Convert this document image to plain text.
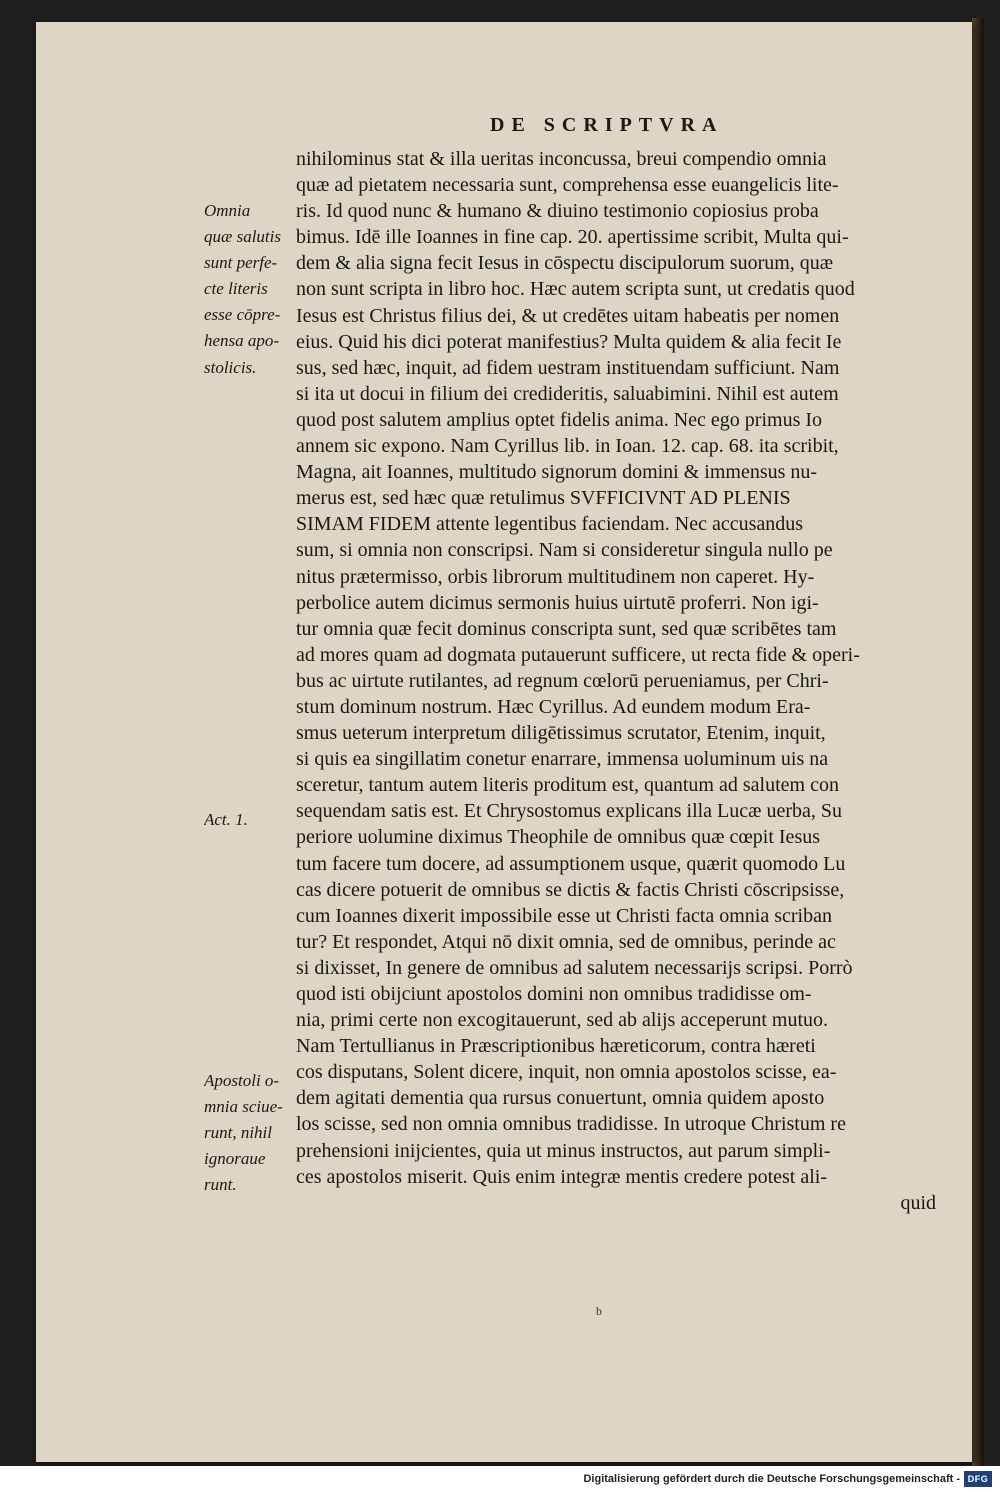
DE SCRIPTVRA
nihilominus stat & illa ueritas inconcussa, breui compendio omnia
quæ ad pietatem necessaria sunt, comprehensa esse euangelicis lite-
ris. Id quod nunc & humano & diuino testimonio copiosius proba
bimus. Idē ille Ioannes in fine cap. 20. apertissime scribit, Multa qui-
dem & alia signa fecit Iesus in cōspectu discipulorum suorum, quæ
non sunt scripta in libro hoc. Hæc autem scripta sunt, ut credatis quod
Iesus est Christus filius dei, & ut credētes uitam habeatis per nomen
eius. Quid his dici poterat manifestius? Multa quidem & alia fecit Ie
sus, sed hæc, inquit, ad fidem uestram instituendam sufficiunt. Nam
si ita ut docui in filium dei credideritis, saluabimini. Nihil est autem
quod post salutem amplius optet fidelis anima. Nec ego primus Io
annem sic expono. Nam Cyrillus lib. in Ioan. 12. cap. 68. ita scribit,
Magna, ait Ioannes, multitudo signorum domini & immensus nu-
merus est, sed hæc quæ retulimus SVFFICIVNT AD PLENIS
SIMAM FIDEM attente legentibus faciendam. Nec accusandus
sum, si omnia non conscripsi. Nam si consideretur singula nullo pe
nitus prætermisso, orbis librorum multitudinem non caperet. Hy-
perbolice autem dicimus sermonis huius uirtutē proferri. Non igi-
tur omnia quæ fecit dominus conscripta sunt, sed quæ scribētes tam
ad mores quam ad dogmata putauerunt sufficere, ut recta fide & operi-
bus ac uirtute rutilantes, ad regnum cœlorū perueniamus, per Chri-
stum dominum nostrum. Hæc Cyrillus. Ad eundem modum Era-
smus ueterum interpretum diligētissimus scrutator, Etenim, inquit,
si quis ea singillatim conetur enarrare, immensa uoluminum uis na
sceretur, tantum autem literis proditum est, quantum ad salutem con
sequendam satis est. Et Chrysostomus explicans illa Lucæ uerba, Su
periore uolumine diximus Theophile de omnibus quæ cœpit Iesus
tum facere tum docere, ad assumptionem usque, quærit quomodo Lu
cas dicere potuerit de omnibus se dictis & factis Christi cōscripsisse,
cum Ioannes dixerit impossibile esse ut Christi facta omnia scriban
tur? Et respondet, Atqui nō dixit omnia, sed de omnibus, perinde ac
si dixisset, In genere de omnibus ad salutem necessarijs scripsi. Porrò
quod isti obijciunt apostolos domini non omnibus tradidisse om-
nia, primi certe non excogitauerunt, sed ab alijs acceperunt mutuo.
Nam Tertullianus in Præscriptionibus hæreticorum, contra hæreti
cos disputans, Solent dicere, inquit, non omnia apostolos scisse, ea-
dem agitati dementia qua rursus conuertunt, omnia quidem aposto
los scisse, sed non omnia omnibus tradidisse. In utroque Christum re
prehensioni inijcientes, quia ut minus instructos, aut parum simpli-
ces apostolos miserit. Quis enim integræ mentis credere potest ali-
quid
Omnia
quæ salutis
sunt perfe-
cte literis
esse cōpre-
hensa apo-
stolicis.
Act. 1.
Apostoli o-
mnia sciue-
runt, nihil
ignoraue
runt.
b
Digitalisierung gefördert durch die Deutsche Forschungsgemeinschaft - DFG
